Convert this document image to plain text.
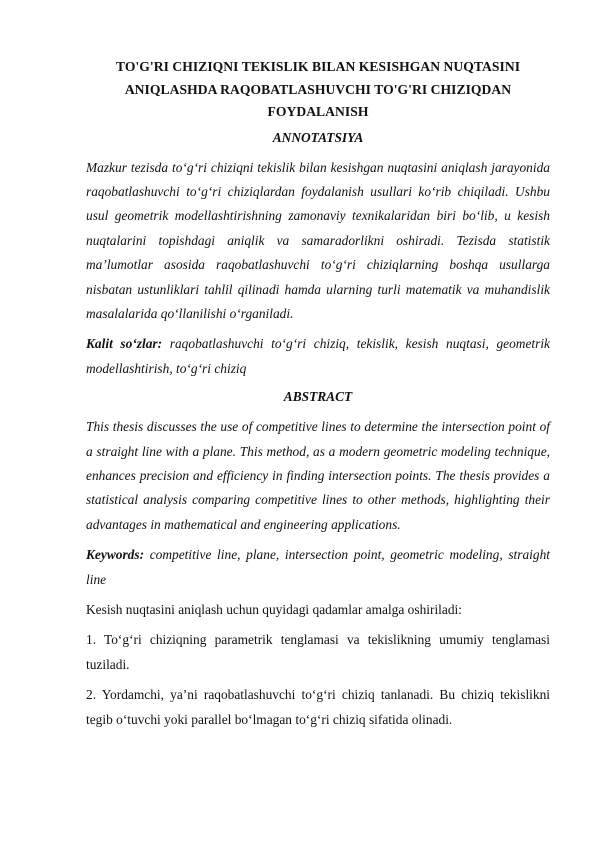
TO'G'RI CHIZIQNI TEKISLIK BILAN KESISHGAN NUQTASINI
ANIQLASHDA RAQOBATLASHUVCHI TO'G'RI CHIZIQDAN
FOYDALANISH
ANNOTATSIYA

Mazkur tezisda to‘g‘ri chiziqni tekislik bilan kesishgan nuqtasini aniqlash jarayonida raqobatlashuvchi to‘g‘ri chiziqlardan foydalanish usullari ko‘rib chiqiladi. Ushbu usul geometrik modellashtirishning zamonaviy texnikalaridan biri bo‘lib, u kesish nuqtalarini topishdagi aniqlik va samaradorlikni oshiradi. Tezisda statistik ma’lumotlar asosida raqobatlashuvchi to‘g‘ri chiziqlarning boshqa usullarga nisbatan ustunliklari tahlil qilinadi hamda ularning turli matematik va muhandislik masalalarida qo‘llanilishi o‘rganiladi.

Kalit so‘zlar: raqobatlashuvchi to‘g‘ri chiziq, tekislik, kesish nuqtasi, geometrik modellashtirish, to‘g‘ri chiziq

ABSTRACT

This thesis discusses the use of competitive lines to determine the intersection point of a straight line with a plane. This method, as a modern geometric modeling technique, enhances precision and efficiency in finding intersection points. The thesis provides a statistical analysis comparing competitive lines to other methods, highlighting their advantages in mathematical and engineering applications.

Keywords: competitive line, plane, intersection point, geometric modeling, straight line

Kesish nuqtasini aniqlash uchun quyidagi qadamlar amalga oshiriladi:

1. To‘g‘ri chiziqning parametrik tenglamasi va tekislikning umumiy tenglamasi tuziladi.

2. Yordamchi, ya’ni raqobatlashuvchi to‘g‘ri chiziq tanlanadi. Bu chiziq tekislikni tegib o‘tuvchi yoki parallel bo‘lmagan to‘g‘ri chiziq sifatida olinadi.
